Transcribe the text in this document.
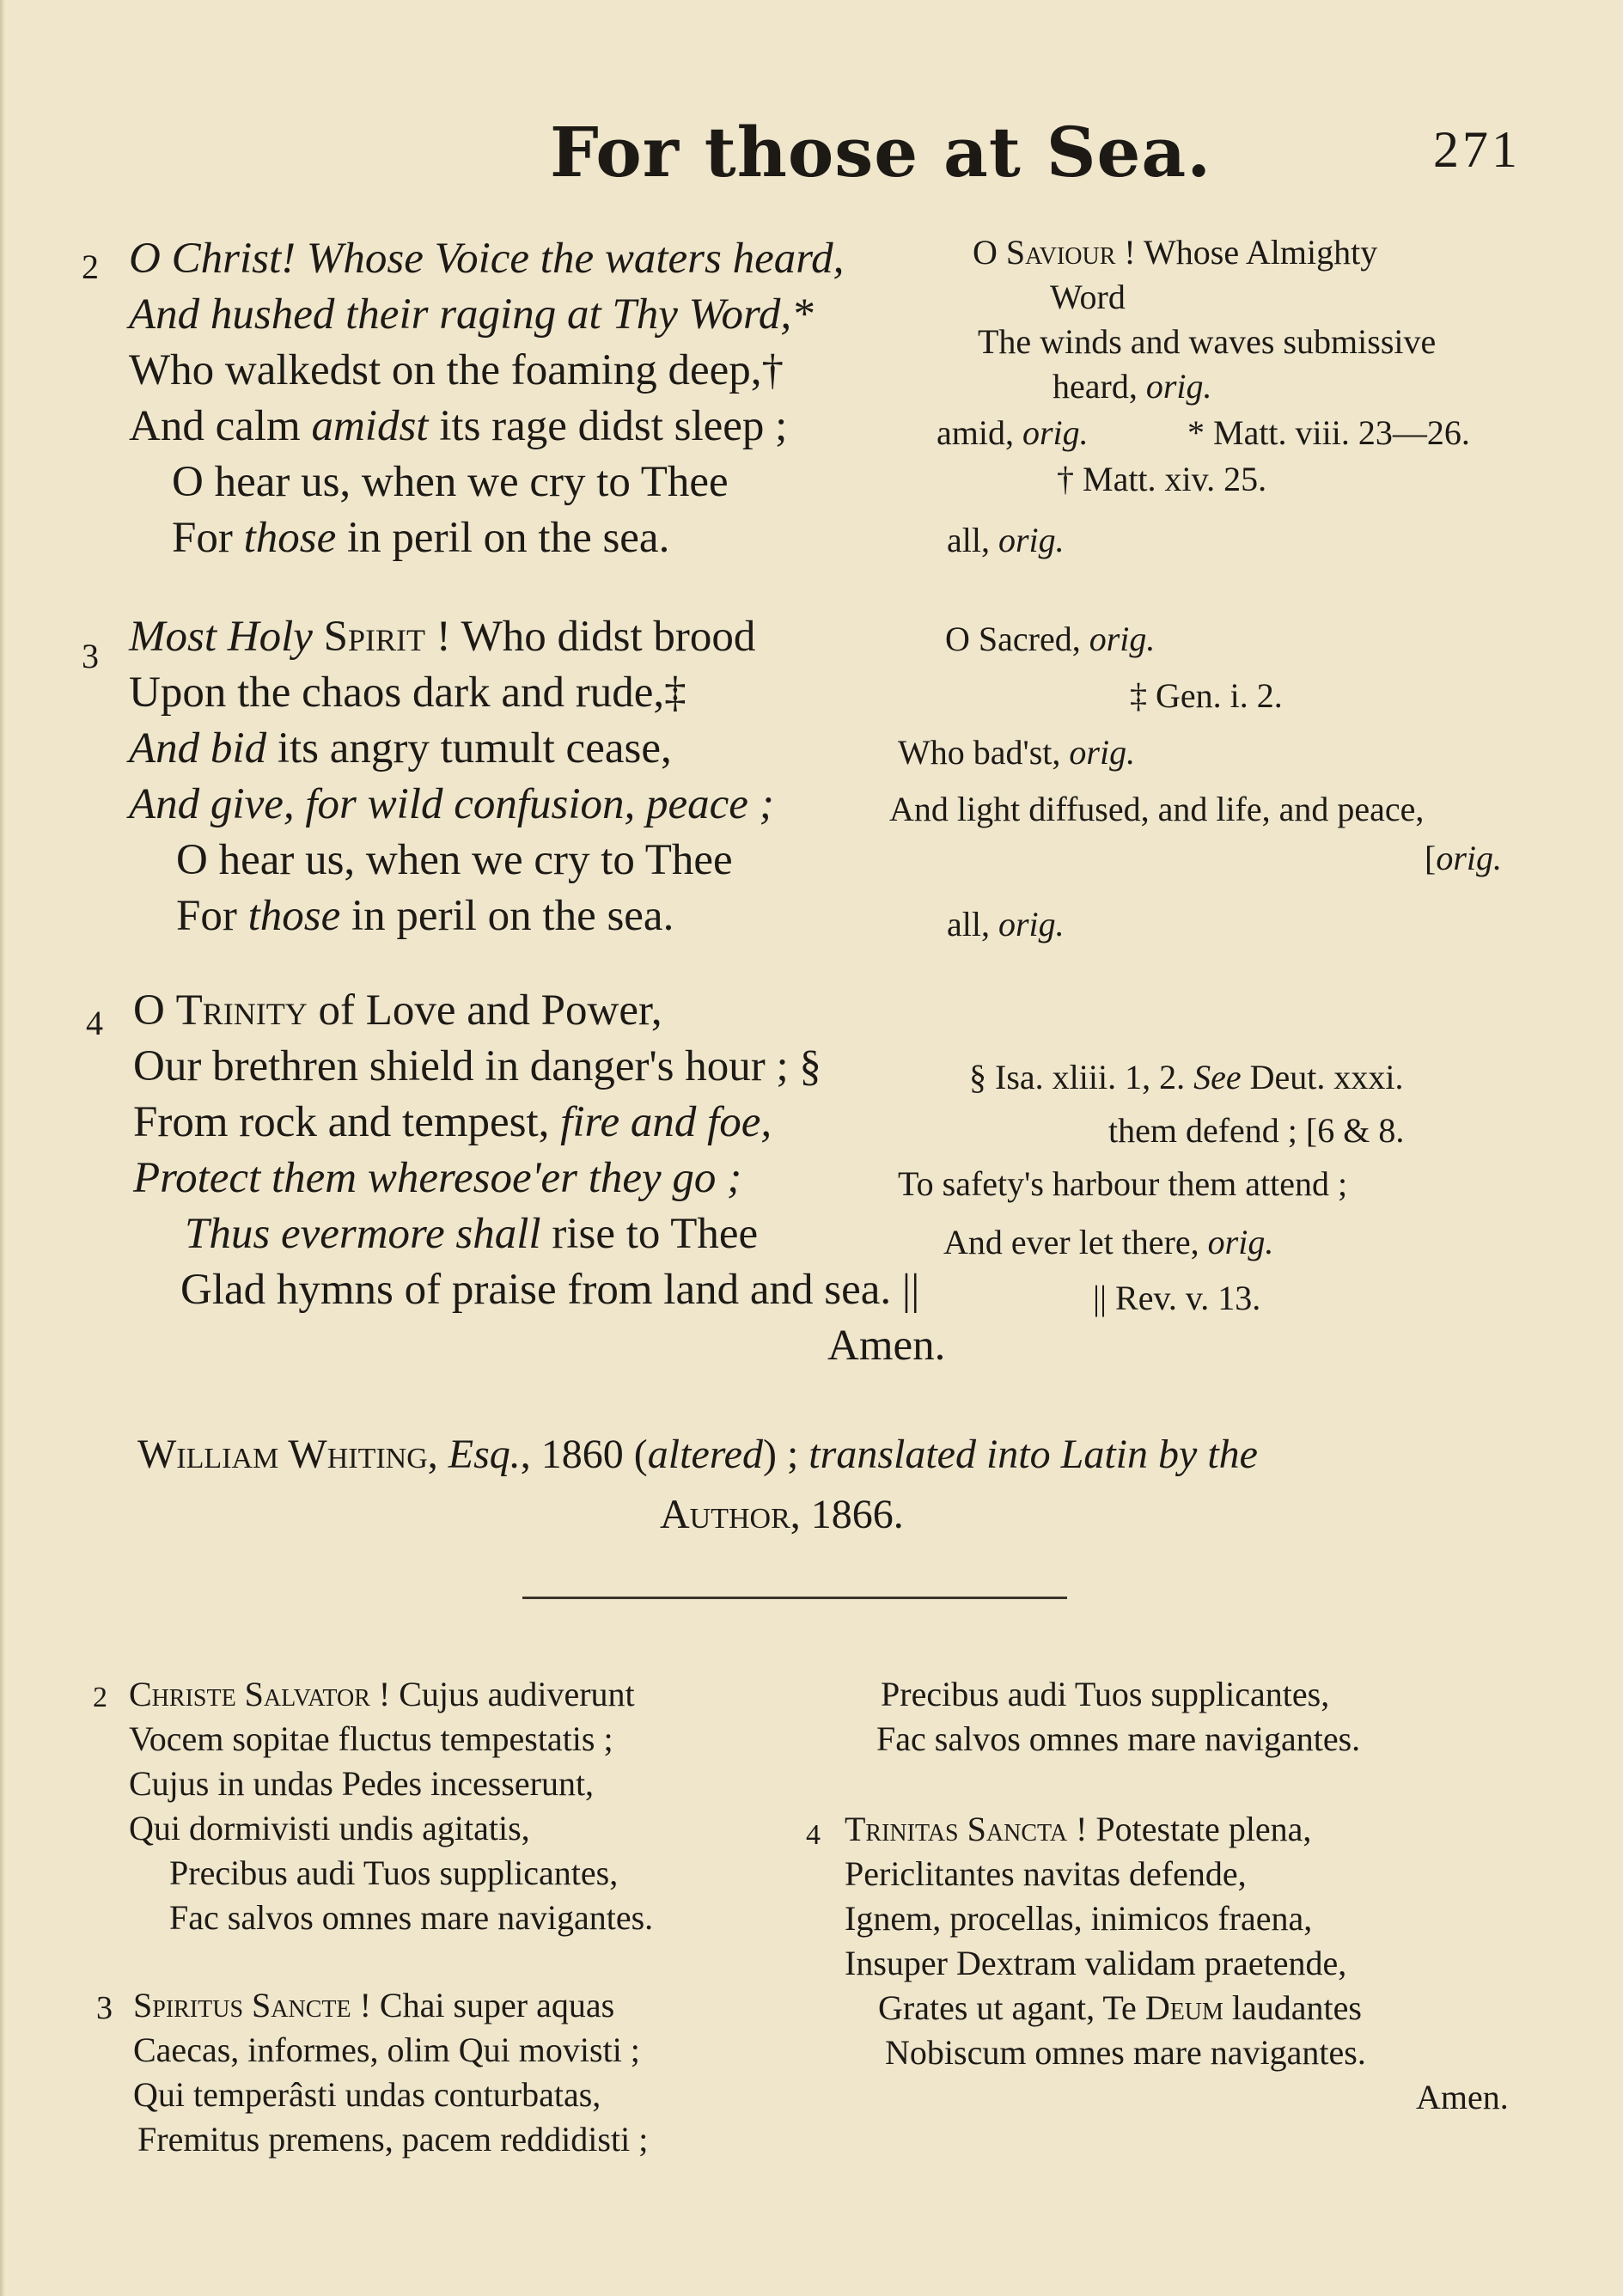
For those at Sea.	271
2 O Christ! Whose Voice the waters heard,
And hushed their raging at Thy Word,*
Who walkedst on the foaming deep,†
And calm amidst its rage didst sleep ;
O hear us, when we cry to Thee
For those in peril on the sea.
3 Most Holy Spirit ! Who didst brood
Upon the chaos dark and rude,‡
And bid its angry tumult cease,
And give, for wild confusion, peace ;
O hear us, when we cry to Thee
For those in peril on the sea.
4 O Trinity of Love and Power,
Our brethren shield in danger's hour ; §
From rock and tempest, fire and foe,
Protect them wheresoe'er they go ;
Thus evermore shall rise to Thee
Glad hymns of praise from land and sea. ||
Amen.
O Saviour ! Whose Almighty
Word
The winds and waves submissive
heard, orig.
amid, orig.	* Matt. viii. 23—26.
† Matt. xiv. 25.
all, orig.
O Sacred, orig.
‡ Gen. i. 2.
Who bad'st, orig.
And light diffused, and life, and peace,
[orig.
all, orig.
§ Isa. xliii. 1, 2. See Deut. xxxi.
them defend ; [6 & 8.
To safety's harbour them attend ;
And ever let there, orig.
|| Rev. v. 13.
William Whiting, Esq., 1860 (altered) ; translated into Latin by the
Author, 1866.
2 Christe Salvator ! Cujus audiverunt
Vocem sopitae fluctus tempestatis ;
Cujus in undas Pedes incesserunt,
Qui dormivisti undis agitatis,
Precibus audi Tuos supplicantes,
Fac salvos omnes mare navigantes.
3 Spiritus Sancte ! Chai super aquas
Caecas, informes, olim Qui movisti ;
Qui temperâsti undas conturbatas,
Fremitus premens, pacem reddidisti ;
Precibus audi Tuos supplicantes,
Fac salvos omnes mare navigantes.
4 Trinitas Sancta ! Potestate plena,
Periclitantes navitas defende,
Ignem, procellas, inimicos fraena,
Insuper Dextram validam praetende,
Grates ut agant, Te Deum laudantes
Nobiscum omnes mare navigantes.
Amen.
